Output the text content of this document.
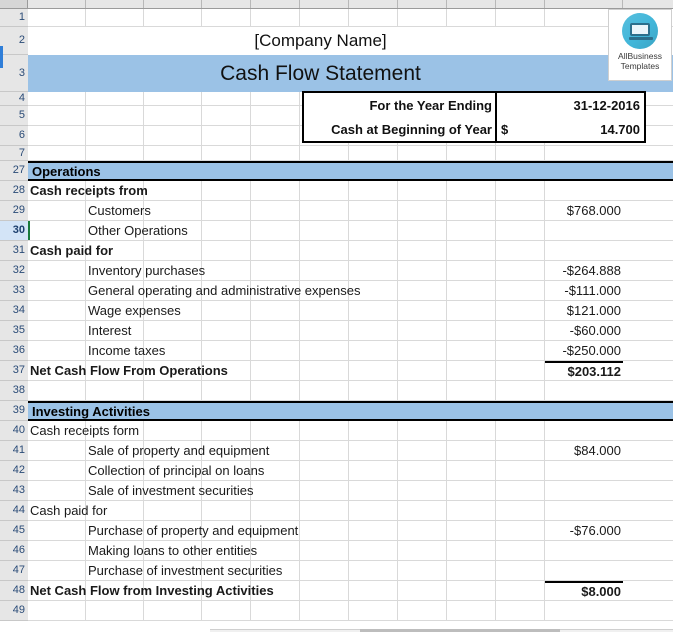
1
2
3
4
5
6
7
27
28
29
30
31
32
33
34
35
36
37
38
39
40
41
42
43
44
45
46
47
48
49
[Company Name]
Cash Flow Statement
Operations
Cash receipts from
Customers	$768.000
Other Operations
Cash paid for
Inventory purchases	-$264.888
General operating and administrative expenses	-$111.000
Wage expenses	$121.000
Interest	-$60.000
Income taxes	-$250.000
Net Cash Flow From Operations	$203.112
Investing Activities
Cash receipts form
Sale of property and equipment	$84.000
Collection of principal on loans
Sale of investment securities
Cash paid for
Purchase of property and equipment	-$76.000
Making loans to other entities
Purchase of investment securities
Net Cash Flow from Investing Activities	$8.000
For the Year Ending	31-12-2016
Cash at Beginning of Year $	14.700
AllBusiness
Templates
